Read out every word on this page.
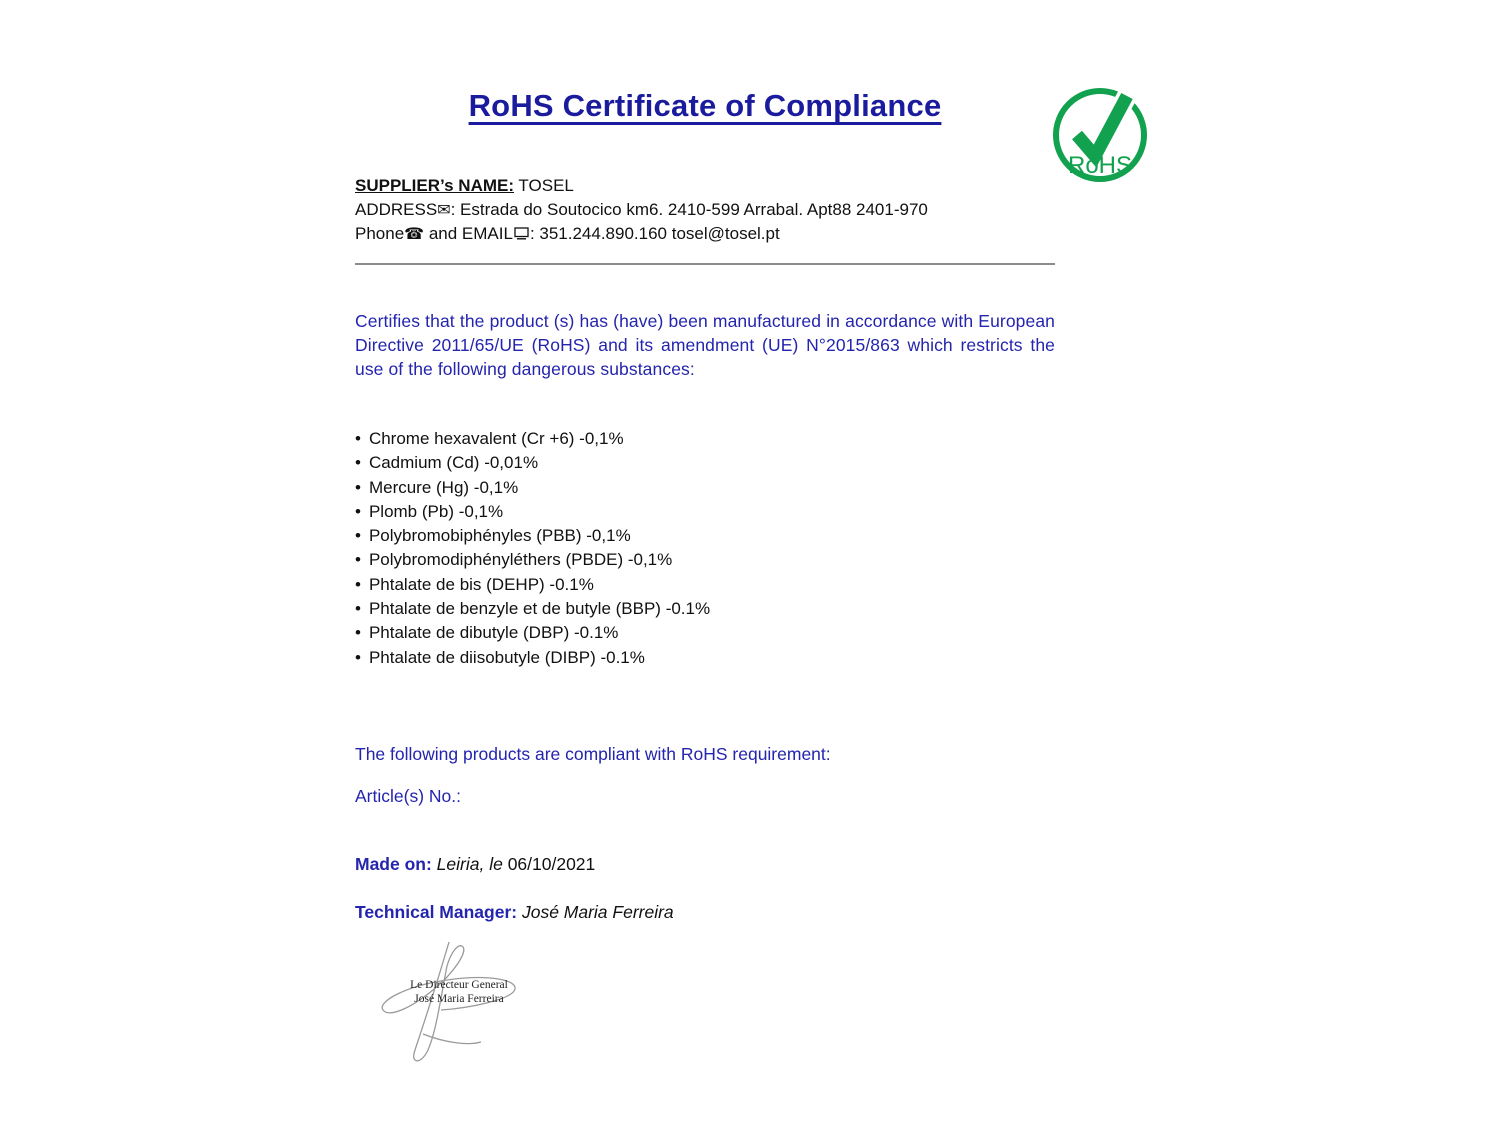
RoHS
RoHS Certificate of Compliance

SUPPLIER’s NAME: TOSEL

ADDRESS✉: Estrada do Soutocico km6. 2410-599 Arrabal. Apt88 2401-970

Phone☎ and EMAIL : 351.244.890.160 tosel@tosel.pt

Certifies that the product (s) has (have) been manufactured in accordance with European Directive 2011/65/UE (RoHS) and its amendment (UE) N°2015/863 which restricts the use of the following dangerous substances:

• Chrome hexavalent (Cr +6) -0,1%
• Cadmium (Cd) -0,01%
• Mercure (Hg) -0,1%
• Plomb (Pb) -0,1%
• Polybromobiphényles (PBB) -0,1%
• Polybromodiphényléthers (PBDE) -0,1%
• Phtalate de bis (DEHP) -0.1%
• Phtalate de benzyle et de butyle (BBP) -0.1%
• Phtalate de dibutyle (DBP) -0.1%
• Phtalate de diisobutyle (DIBP) -0.1%

The following products are compliant with RoHS requirement:

Article(s) No.:

Made on: Leiria, le 06/10/2021

Technical Manager: José Maria Ferreira

Le Directeur General
José Maria Ferreira
